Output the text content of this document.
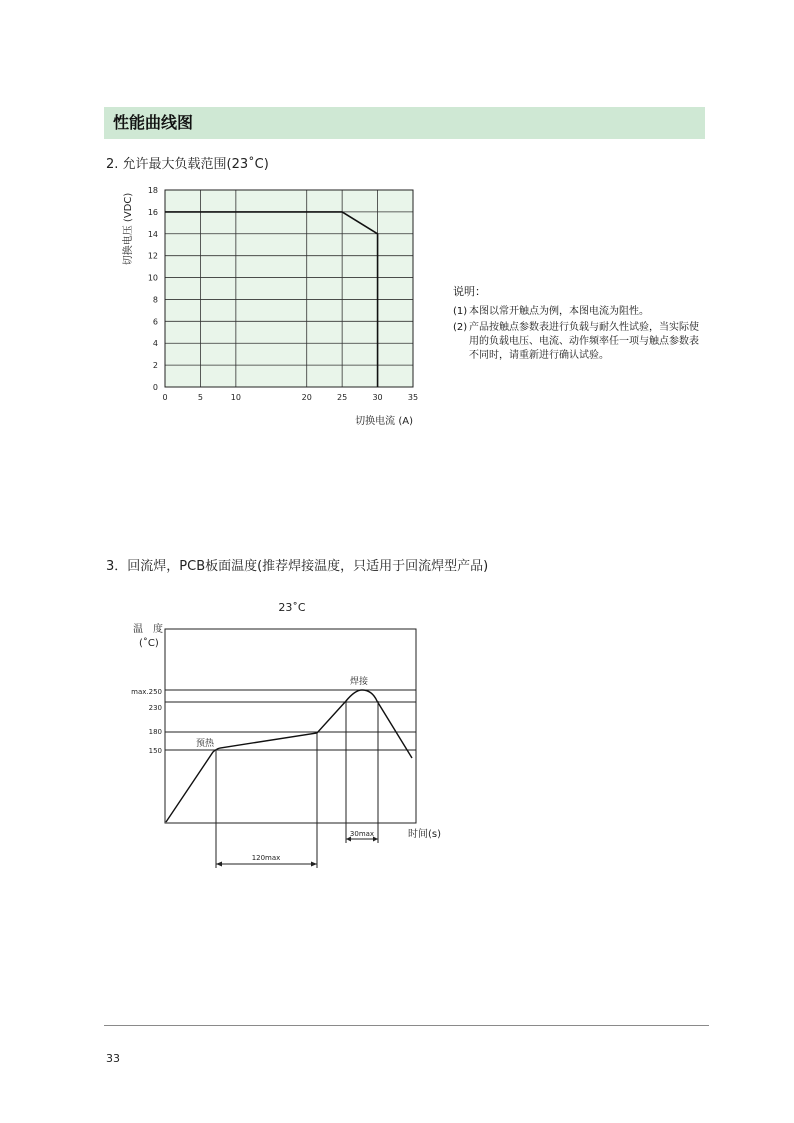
性能曲线图
2. 允许最大负载范围(23˚C)
0	5	10	20	25	30	35
0
2
4
6
8
10
12
14
16
18
切换电压 (VDC)
切换电流 (A)
说明：
(1) 本图以常开触点为例，本图电流为阻性。
(2) 产品按触点参数表进行负载与耐久性试验，当实际使用的负载电压、电流、动作频率任一项与触点参数表不同时，请重新进行确认试验。
3．回流焊，PCB板面温度(推荐焊接温度，只适用于回流焊型产品)
23˚C
温　度
(˚C)
max.250
230
180
150
120max
30max
预热
焊接
时间(s)
33
